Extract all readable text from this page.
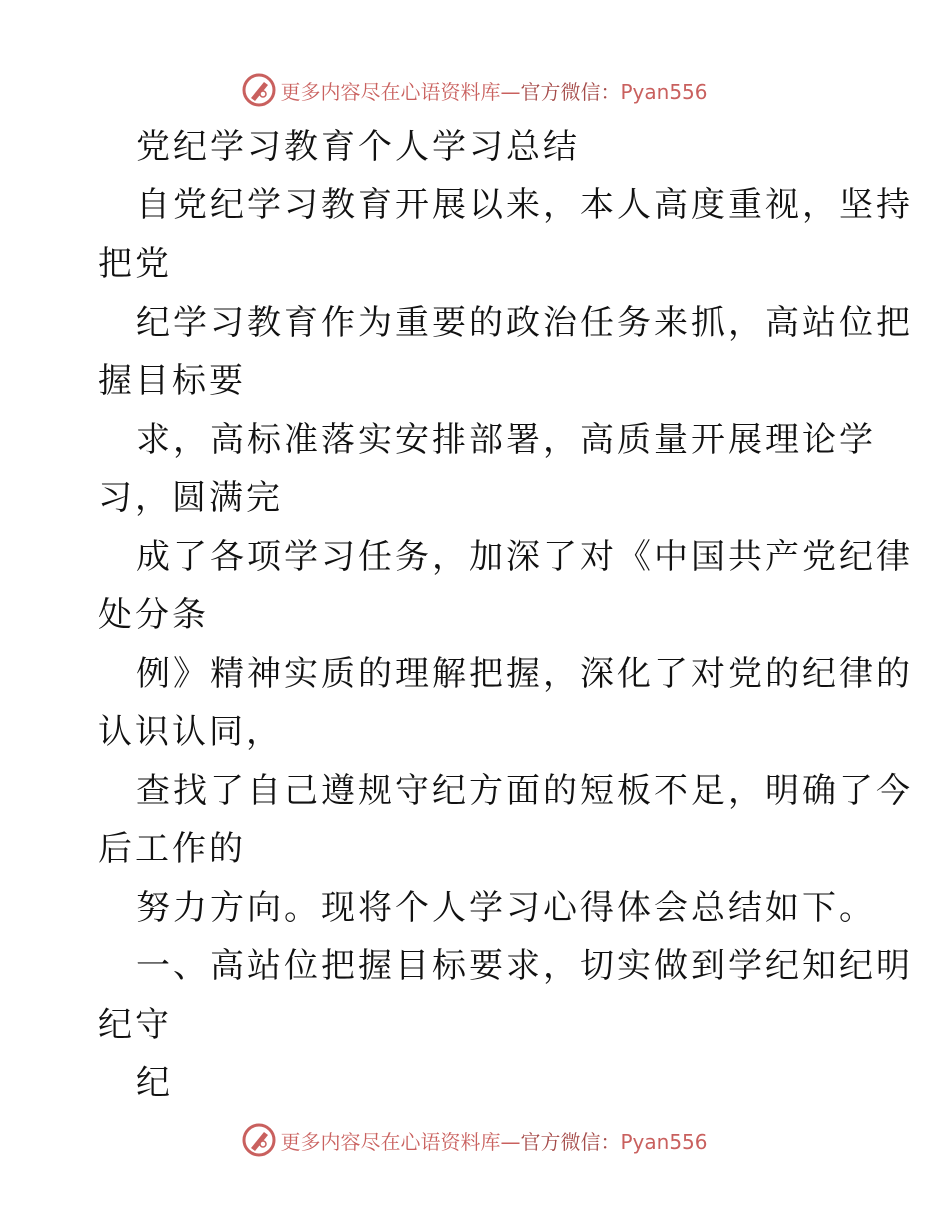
更多内容尽在心语资料库—官方微信：Pyan556
党纪学习教育个人学习总结
自党纪学习教育开展以来，本人高度重视，坚持
把党
纪学习教育作为重要的政治任务来抓，高站位把
握目标要
求，高标准落实安排部署，高质量开展理论学
习，圆满完
成了各项学习任务，加深了对《中国共产党纪律
处分条
例》精神实质的理解把握，深化了对党的纪律的
认识认同，
查找了自己遵规守纪方面的短板不足，明确了今
后工作的
努力方向。现将个人学习心得体会总结如下。
一、高站位把握目标要求，切实做到学纪知纪明
纪守
纪
更多内容尽在心语资料库—官方微信：Pyan556
